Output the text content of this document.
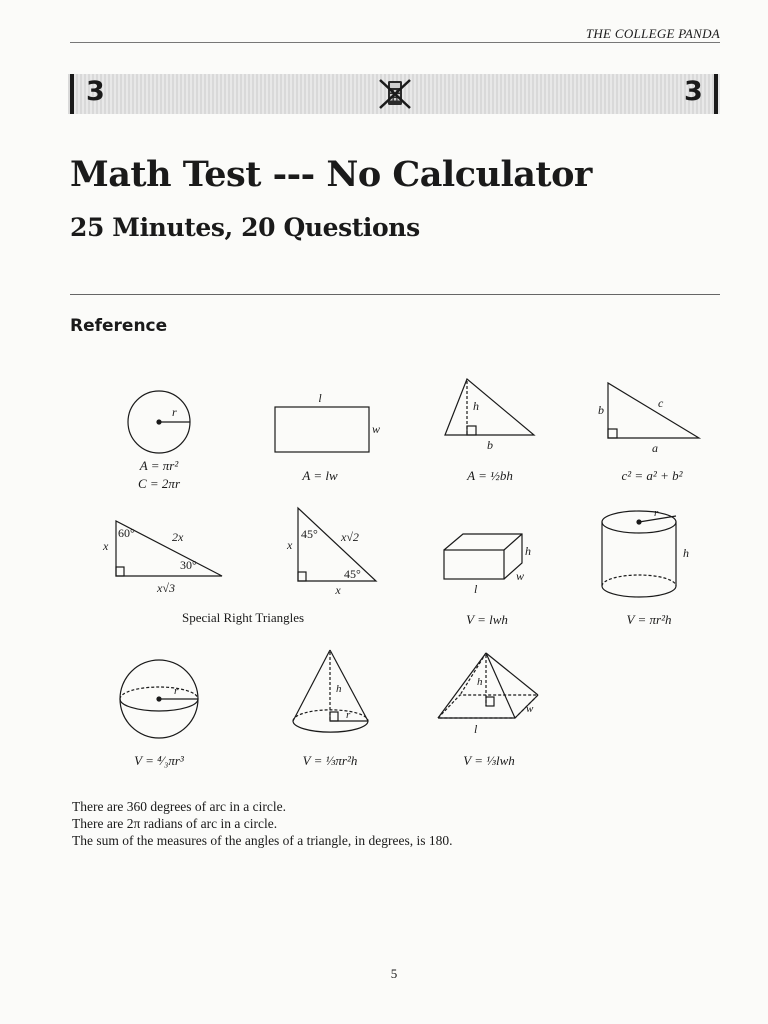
THE COLLEGE PANDA
3	3
Math Test --- No Calculator
25 Minutes, 20 Questions
Reference
r
A = πr²
C = 2πr
l
w
A = lw
h
b
A = ½bh
b	c
a
c² = a² + b²
60°
30°
x
2x
x√3
45°
45°
x
x√2
x
Special Right Triangles
h
w
l
V = lwh
r
h
V = πr²h
r
V = ⁴⁄₃πr³
h
r
V = ⅓πr²h
h
w
l
V = ⅓lwh
There are 360 degrees of arc in a circle.
There are 2π radians of arc in a circle.
The sum of the measures of the angles of a triangle, in degrees, is 180.
5
